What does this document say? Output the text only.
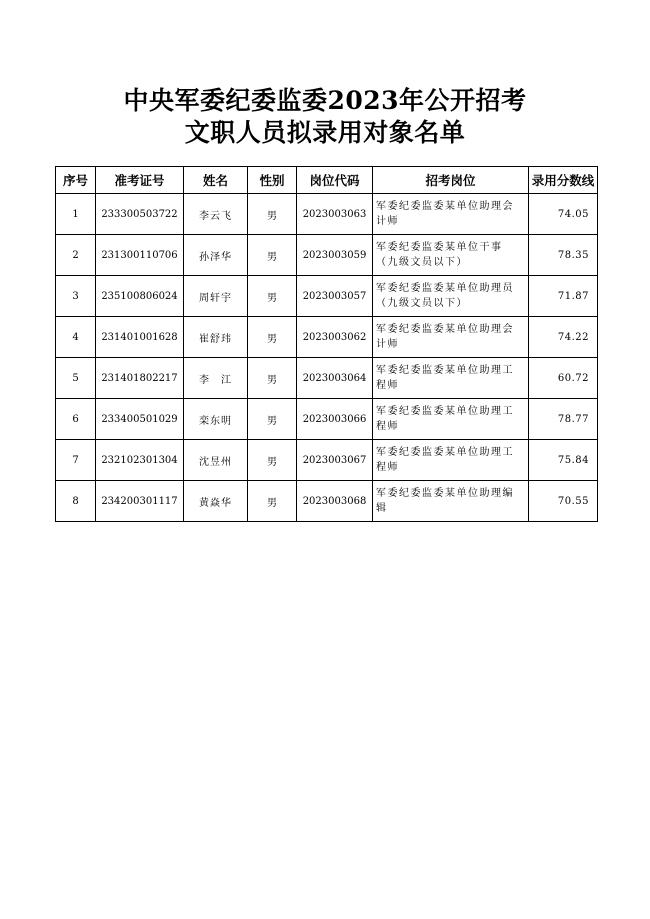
中央军委纪委监委2023年公开招考
文职人员拟录用对象名单
序号	准考证号	姓名	性别	岗位代码	招考岗位	录用分数线
1	233300503722	李云飞	男	2023003063	军委纪委监委某单位助理会计师	74.05
2	231300110706	孙泽华	男	2023003059	军委纪委监委某单位干事（九级文员以下）	78.35
3	235100806024	周轩宇	男	2023003057	军委纪委监委某单位助理员（九级文员以下）	71.87
4	231401001628	崔舒玮	男	2023003062	军委纪委监委某单位助理会计师	74.22
5	231401802217	李　江	男	2023003064	军委纪委监委某单位助理工程师	60.72
6	233400501029	栾东明	男	2023003066	军委纪委监委某单位助理工程师	78.77
7	232102301304	沈昱州	男	2023003067	军委纪委监委某单位助理工程师	75.84
8	234200301117	黄焱华	男	2023003068	军委纪委监委某单位助理编辑	70.55
